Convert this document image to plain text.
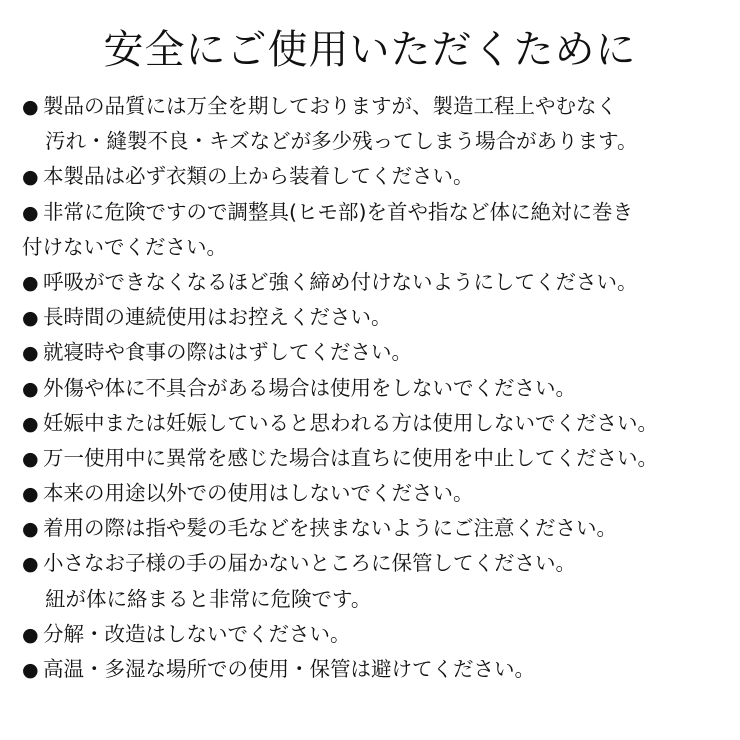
安全にご使用いただくために
● 製品の品質には万全を期しておりますが、製造工程上やむなく
汚れ・縫製不良・キズなどが多少残ってしまう場合があります。
● 本製品は必ず衣類の上から装着してください。
● 非常に危険ですので調整具(ヒモ部)を首や指など体に絶対に巻き
付けないでください。
● 呼吸ができなくなるほど強く締め付けないようにしてください。
● 長時間の連続使用はお控えください。
● 就寝時や食事の際ははずしてください。
● 外傷や体に不具合がある場合は使用をしないでください。
● 妊娠中または妊娠していると思われる方は使用しないでください。
● 万一使用中に異常を感じた場合は直ちに使用を中止してください。
● 本来の用途以外での使用はしないでください。
● 着用の際は指や髪の毛などを挟まないようにご注意ください。
● 小さなお子様の手の届かないところに保管してください。
紐が体に絡まると非常に危険です。
● 分解・改造はしないでください。
● 高温・多湿な場所での使用・保管は避けてください。
